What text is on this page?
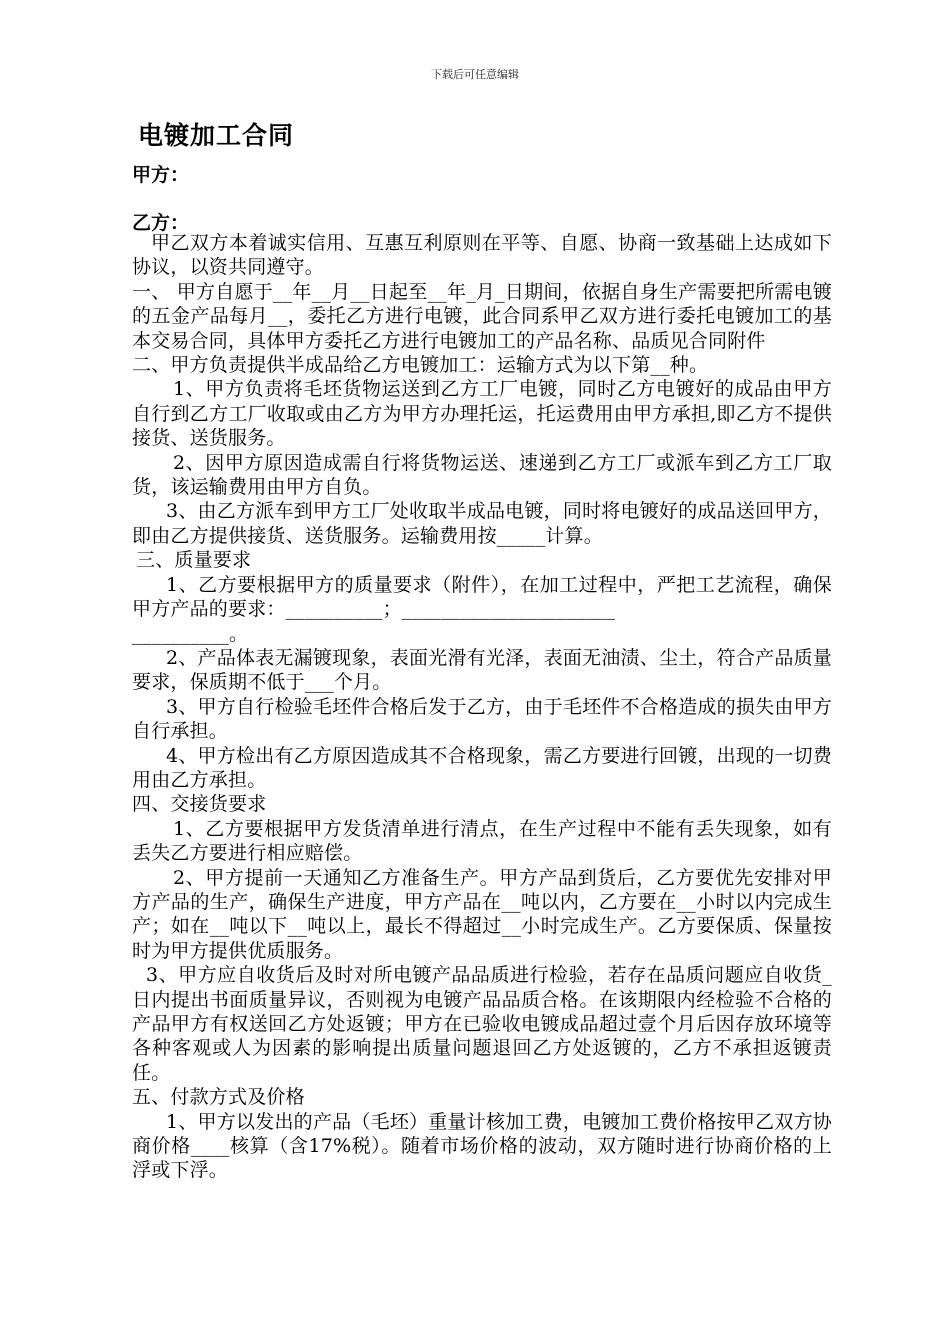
下载后可任意编辑
电镀加工合同
甲方：
乙方：

甲乙双方本着诚实信用、互惠互利原则在平等、自愿、协商一致基础上达成如下协议，以资共同遵守。

一、 甲方自愿于__年__月__日起至__年_月_日期间，依据自身生产需要把所需电镀的五金产品每月__，委托乙方进行电镀，此合同系甲乙双方进行委托电镀加工的基本交易合同，具体甲方委托乙方进行电镀加工的产品名称、品质见合同附件

二、甲方负责提供半成品给乙方电镀加工：运输方式为以下第__种。

1、甲方负责将毛坯货物运送到乙方工厂电镀，同时乙方电镀好的成品由甲方自行到乙方工厂收取或由乙方为甲方办理托运，托运费用由甲方承担,即乙方不提供接货、送货服务。

2、因甲方原因造成需自行将货物运送、速递到乙方工厂或派车到乙方工厂取货，该运输费用由甲方自负。

3、由乙方派车到甲方工厂处收取半成品电镀，同时将电镀好的成品送回甲方，即由乙方提供接货、送货服务。运输费用按_____计算。

三、质量要求

1、乙方要根据甲方的质量要求（附件），在加工过程中，严把工艺流程，确保甲方产品的要求：__________；______________________

__________。

2、产品体表无漏镀现象，表面光滑有光泽，表面无油渍、尘土，符合产品质量要求，保质期不低于___个月。

3、甲方自行检验毛坯件合格后发于乙方，由于毛坯件不合格造成的损失由甲方自行承担。

4、甲方检出有乙方原因造成其不合格现象，需乙方要进行回镀，出现的一切费用由乙方承担。

四、交接货要求

1、乙方要根据甲方发货清单进行清点，在生产过程中不能有丢失现象，如有丢失乙方要进行相应赔偿。

2、甲方提前一天通知乙方准备生产。甲方产品到货后，乙方要优先安排对甲方产品的生产，确保生产进度，甲方产品在__吨以内，乙方要在__小时以内完成生产；如在__吨以下__吨以上，最长不得超过__小时完成生产。乙方要保质、保量按时为甲方提供优质服务。

3、甲方应自收货后及时对所电镀产品品质进行检验，若存在品质问题应自收货_日内提出书面质量异议，否则视为电镀产品品质合格。在该期限内经检验不合格的产品甲方有权送回乙方处返镀；甲方在已验收电镀成品超过壹个月后因存放环境等各种客观或人为因素的影响提出质量问题退回乙方处返镀的，乙方不承担返镀责任。

五、付款方式及价格

1、甲方以发出的产品（毛坯）重量计核加工费，电镀加工费价格按甲乙双方协商价格____核算（含17%税）。随着市场价格的波动，双方随时进行协商价格的上浮或下浮。
